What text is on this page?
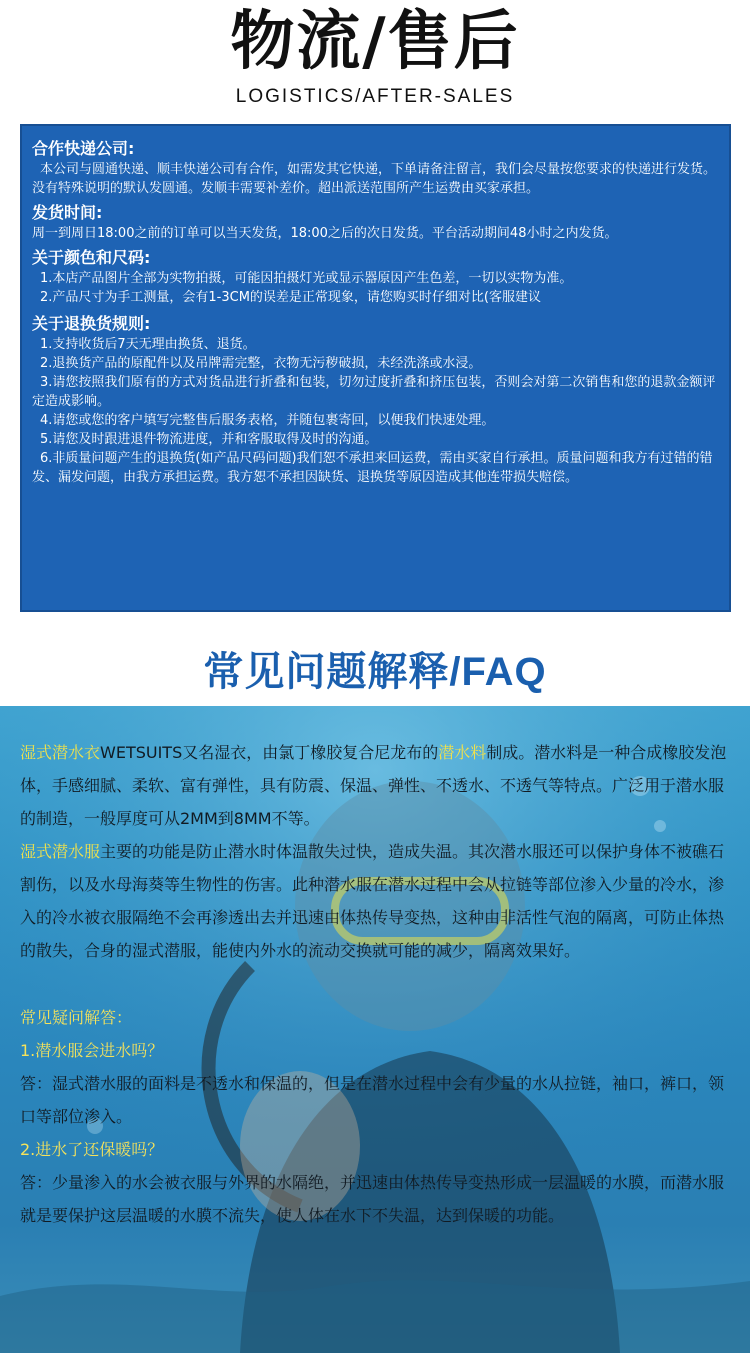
物流/售后
LOGISTICS/AFTER-SALES
合作快递公司:
本公司与圆通快递、顺丰快递公司有合作，如需发其它快递，下单请备注留言，我们会尽量按您要求的快递进行发货。没有特殊说明的默认发圆通。发顺丰需要补差价。超出派送范围所产生运费由买家承担。
发货时间:
周一到周日18:00之前的订单可以当天发货，18:00之后的次日发货。平台活动期间48小时之内发货。
关于颜色和尺码:
1.本店产品图片全部为实物拍摄，可能因拍摄灯光或显示器原因产生色差，一切以实物为准。
2.产品尺寸为手工测量，会有1-3CM的误差是正常现象，请您购买时仔细对比(客服建议
关于退换货规则:
1.支持收货后7天无理由换货、退货。
2.退换货产品的原配件以及吊牌需完整，衣物无污秽破损，未经洗涤或水浸。
3.请您按照我们原有的方式对货品进行折叠和包装，切勿过度折叠和挤压包装，否则会对第二次销售和您的退款金额评定造成影响。
4.请您或您的客户填写完整售后服务表格，并随包裹寄回，以便我们快速处理。
5.请您及时跟进退件物流进度，并和客服取得及时的沟通。
6.非质量问题产生的退换货(如产品尺码问题)我们恕不承担来回运费，需由买家自行承担。质量问题和我方有过错的错发、漏发问题，由我方承担运费。我方恕不承担因缺货、退换货等原因造成其他连带损失赔偿。
常见问题解释/FAQ

湿式潜水衣WETSUITS又名湿衣，由氯丁橡胶复合尼龙布的潜水料制成。潜水料是一种合成橡胶发泡体，手感细腻、柔软、富有弹性，具有防震、保温、弹性、不透水、不透气等特点。广泛用于潜水服的制造，一般厚度可从2MM到8MM不等。

湿式潜水服主要的功能是防止潜水时体温散失过快，造成失温。其次潜水服还可以保护身体不被礁石割伤，以及水母海葵等生物性的伤害。此种潜水服在潜水过程中会从拉链等部位渗入少量的冷水，渗入的冷水被衣服隔绝不会再渗透出去并迅速由体热传导变热，这种由非活性气泡的隔离，可防止体热的散失，合身的湿式潜服，能使内外水的流动交换就可能的减少，隔离效果好。

常见疑问解答：

1.潜水服会进水吗？

答：湿式潜水服的面料是不透水和保温的，但是在潜水过程中会有少量的水从拉链，袖口，裤口，领口等部位渗入。

2.进水了还保暖吗？

答：少量渗入的水会被衣服与外界的水隔绝，并迅速由体热传导变热形成一层温暖的水膜，而潜水服就是要保护这层温暖的水膜不流失，使人体在水下不失温，达到保暖的功能。
